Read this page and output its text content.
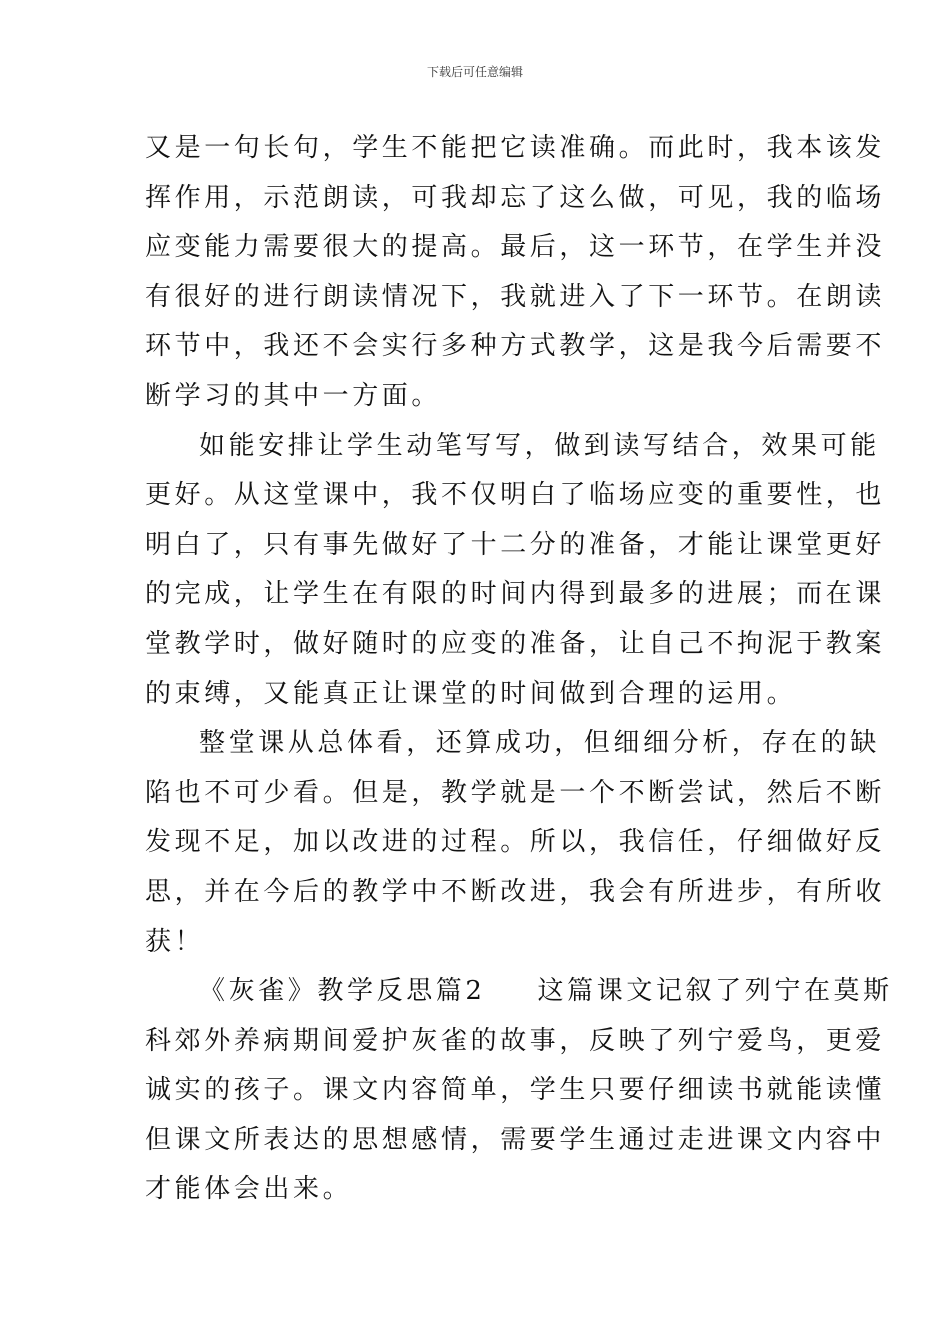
下载后可任意编辑
又是一句长句，学生不能把它读准确。而此时，我本该发
挥作用，示范朗读，可我却忘了这么做，可见，我的临场
应变能力需要很大的提高。最后，这一环节，在学生并没
有很好的进行朗读情况下，我就进入了下一环节。在朗读
环节中，我还不会实行多种方式教学，这是我今后需要不
断学习的其中一方面。
如能安排让学生动笔写写，做到读写结合，效果可能
更好。从这堂课中，我不仅明白了临场应变的重要性，也
明白了，只有事先做好了十二分的准备，才能让课堂更好
的完成，让学生在有限的时间内得到最多的进展；而在课
堂教学时，做好随时的应变的准备，让自己不拘泥于教案
的束缚，又能真正让课堂的时间做到合理的运用。
整堂课从总体看，还算成功，但细细分析，存在的缺
陷也不可少看。但是，教学就是一个不断尝试，然后不断
发现不足，加以改进的过程。所以，我信任，仔细做好反
思，并在今后的教学中不断改进，我会有所进步，有所收
获！
《灰雀》教学反思篇2 这篇课文记叙了列宁在莫斯
科郊外养病期间爱护灰雀的故事，反映了列宁爱鸟，更爱
诚实的孩子。课文内容简单，学生只要仔细读书就能读懂
但课文所表达的思想感情，需要学生通过走进课文内容中
才能体会出来。
